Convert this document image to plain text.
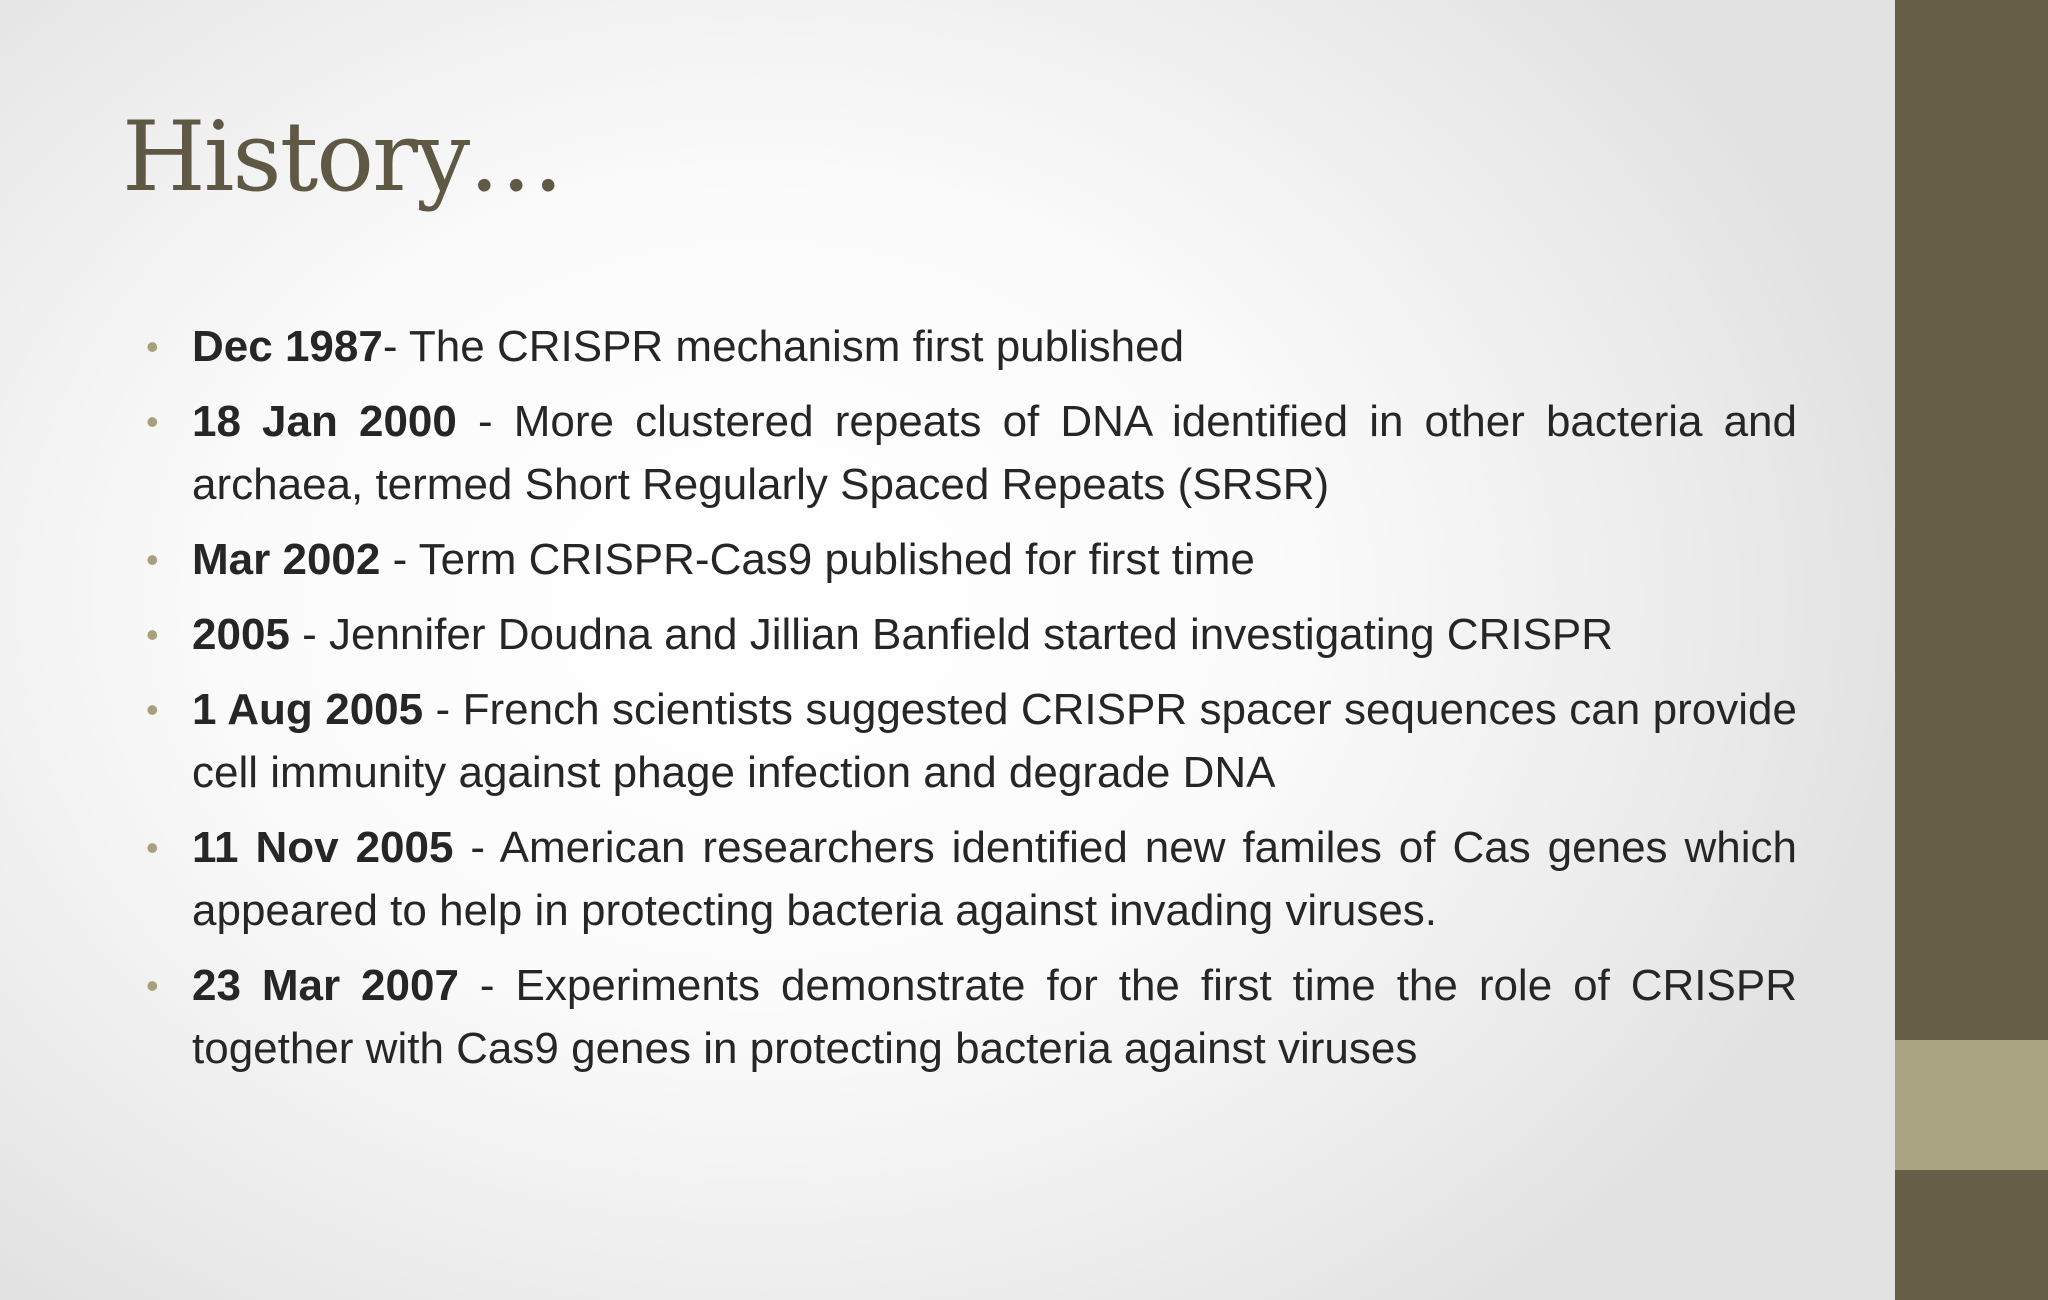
History…
• Dec 1987- The CRISPR mechanism first published
• 18 Jan 2000 - More clustered repeats of DNA identified in other bacteria and archaea, termed Short Regularly Spaced Repeats (SRSR)
• Mar 2002 - Term CRISPR-Cas9 published for first time
• 2005 - Jennifer Doudna and Jillian Banfield started investigating CRISPR
• 1 Aug 2005 - French scientists suggested CRISPR spacer sequences can provide cell immunity against phage infection and degrade DNA
• 11 Nov 2005 - American researchers identified new familes of Cas genes which appeared to help in protecting bacteria against invading viruses.
• 23 Mar 2007 - Experiments demonstrate for the first time the role of CRISPR together with Cas9 genes in protecting bacteria against viruses
